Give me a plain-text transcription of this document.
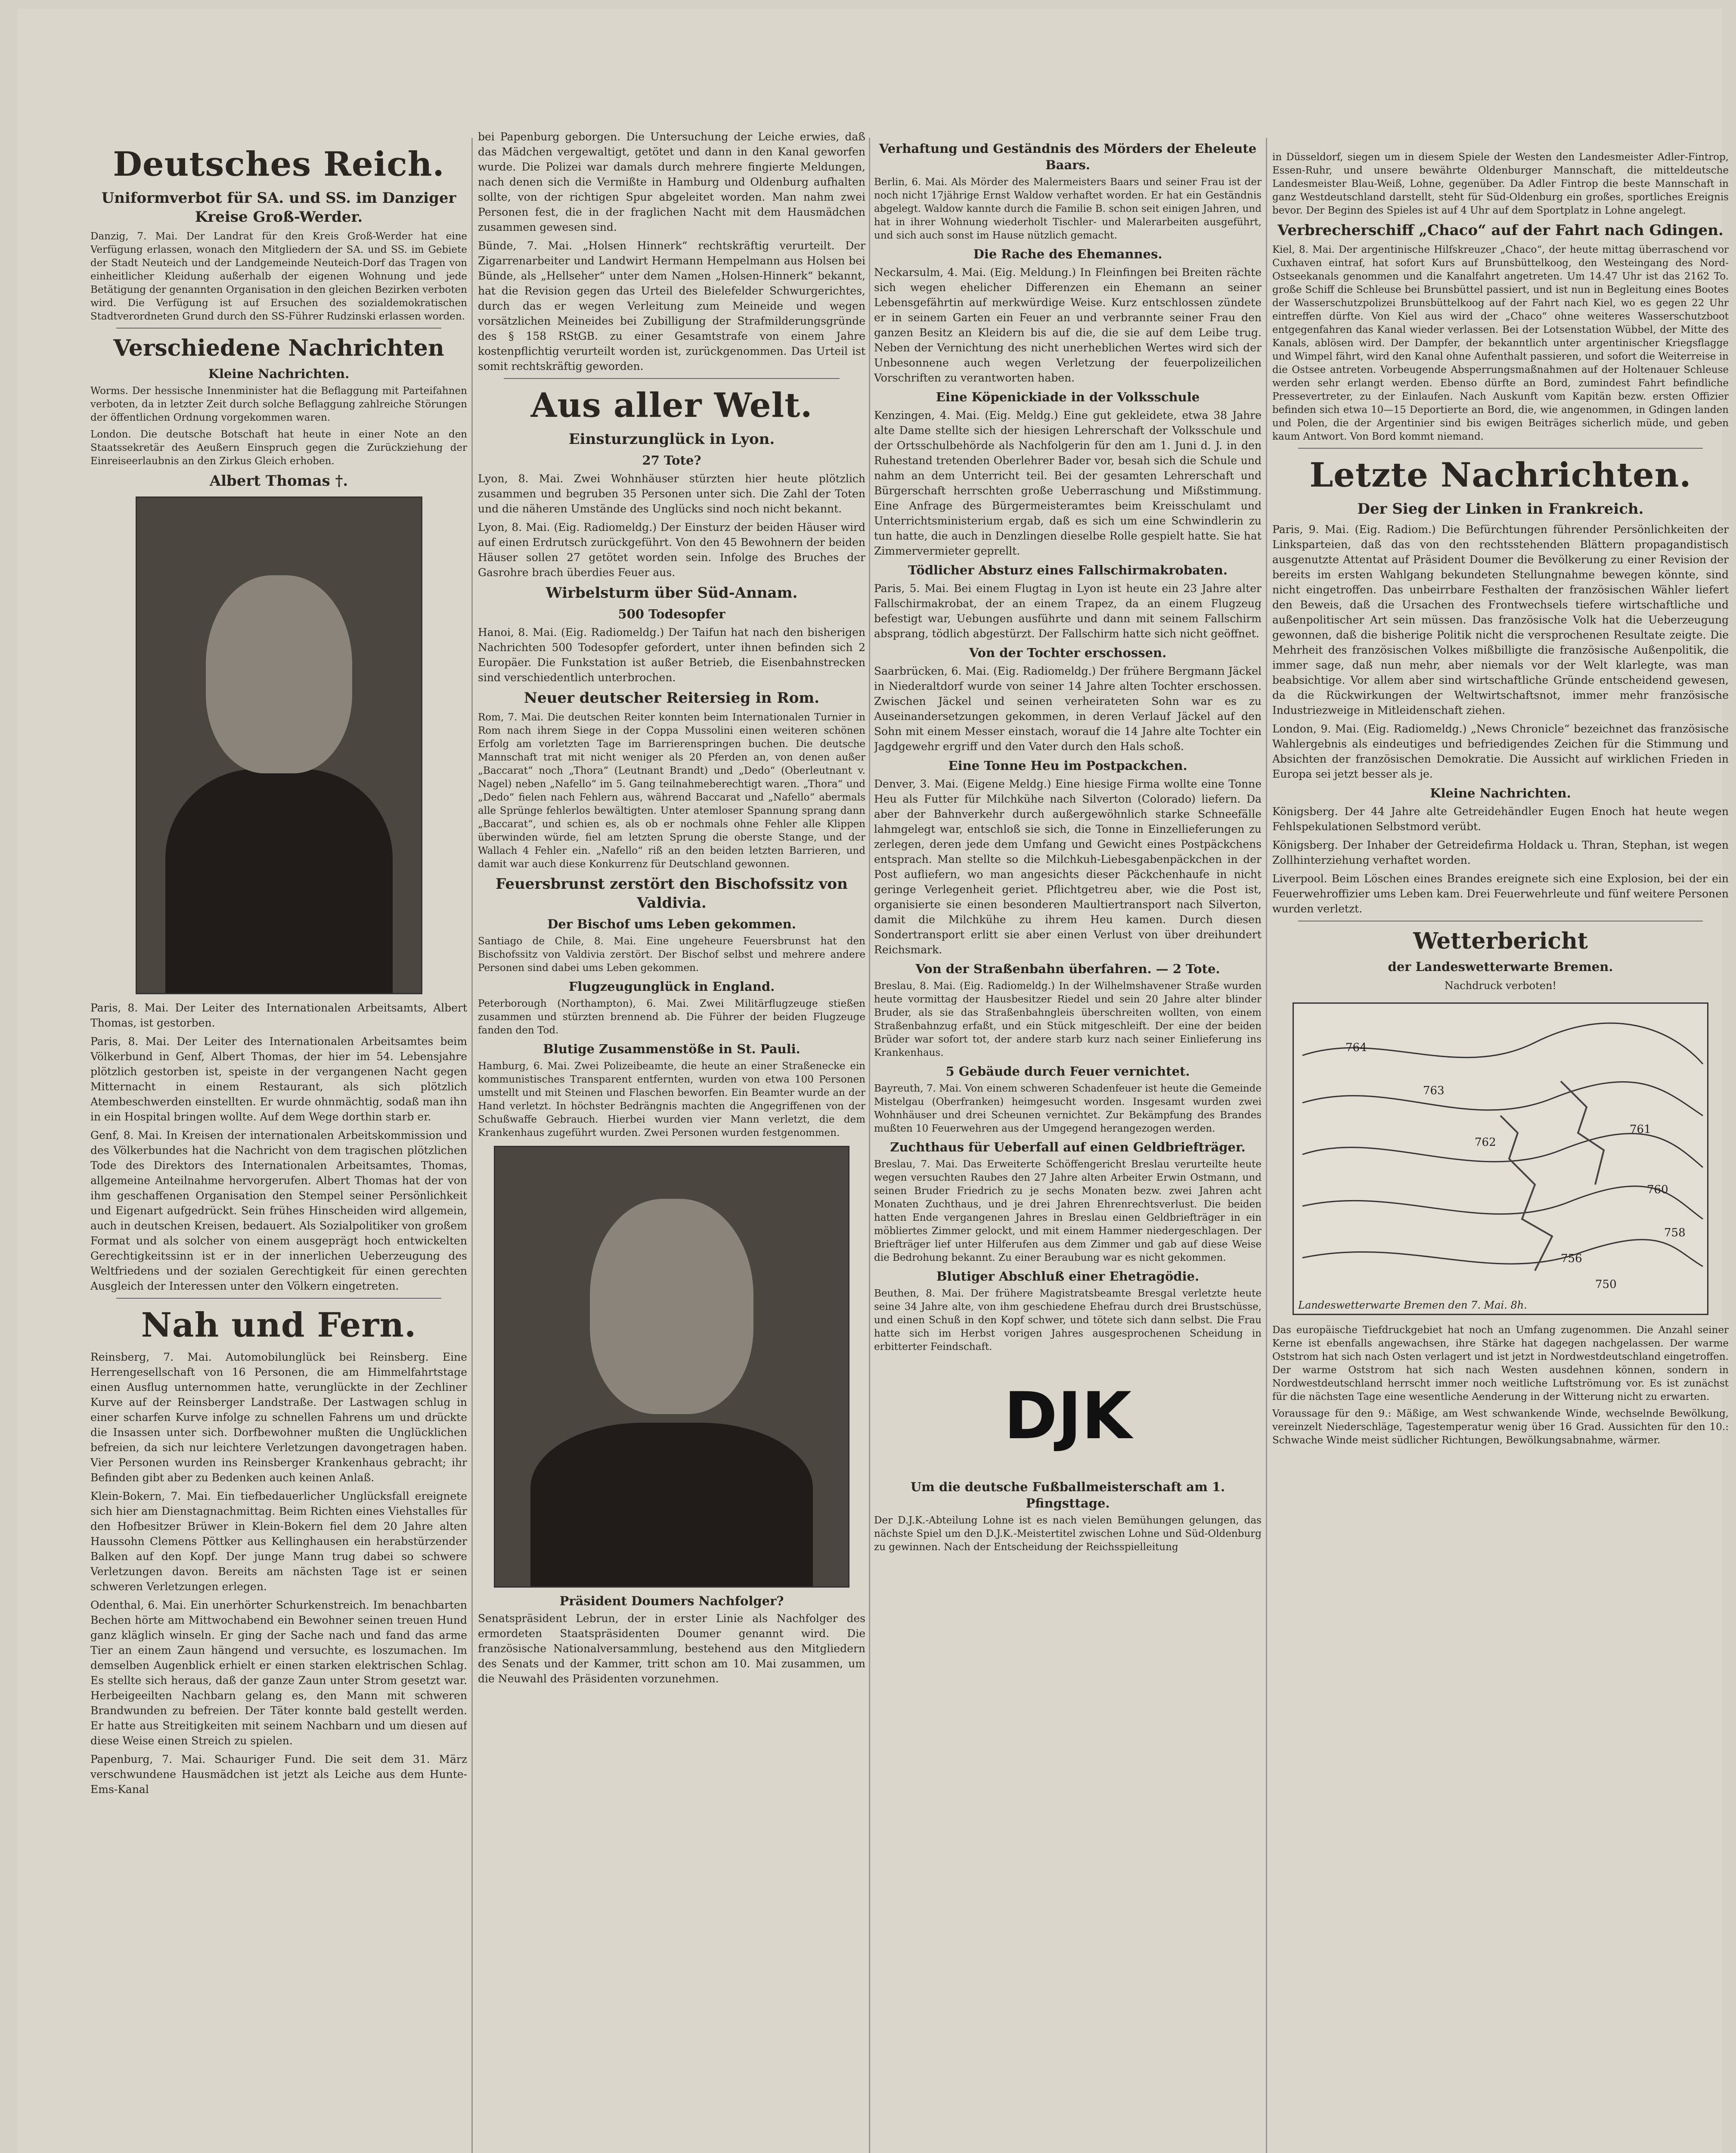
Deutsches Reich.
Uniformverbot für SA. und SS. im Danziger Kreise Groß-Werder.

Danzig, 7. Mai. Der Landrat für den Kreis Groß-Werder hat eine Verfügung erlassen, wonach den Mitgliedern der SA. und SS. im Gebiete der Stadt Neuteich und der Landgemeinde Neuteich-Dorf das Tragen von einheitlicher Kleidung außerhalb der eigenen Wohnung und jede Betätigung der genannten Organisation in den gleichen Bezirken verboten wird. Die Verfügung ist auf Ersuchen des sozialdemokratischen Stadtverordneten Grund durch den SS-Führer Rudzinski erlassen worden.

Verschiedene Nachrichten
Kleine Nachrichten.

Worms. Der hessische Innenminister hat die Beflaggung mit Parteifahnen verboten, da in letzter Zeit durch solche Beflaggung zahlreiche Störungen der öffentlichen Ordnung vorgekommen waren.

London. Die deutsche Botschaft hat heute in einer Note an den Staatssekretär des Aeußern Einspruch gegen die Zurückziehung der Einreiseerlaubnis an den Zirkus Gleich erhoben.

Albert Thomas †.

Paris, 8. Mai. Der Leiter des Internationalen Arbeitsamts, Albert Thomas, ist gestorben.

Paris, 8. Mai. Der Leiter des Internationalen Arbeitsamtes beim Völkerbund in Genf, Albert Thomas, der hier im 54. Lebensjahre plötzlich gestorben ist, speiste in der vergangenen Nacht gegen Mitternacht in einem Restaurant, als sich plötzlich Atembeschwerden einstellten. Er wurde ohnmächtig, sodaß man ihn in ein Hospital bringen wollte. Auf dem Wege dorthin starb er.

Genf, 8. Mai. In Kreisen der internationalen Arbeitskommission und des Völkerbundes hat die Nachricht von dem tragischen plötzlichen Tode des Direktors des Internationalen Arbeitsamtes, Thomas, allgemeine Anteilnahme hervorgerufen. Albert Thomas hat der von ihm geschaffenen Organisation den Stempel seiner Persönlichkeit und Eigenart aufgedrückt. Sein frühes Hinscheiden wird allgemein, auch in deutschen Kreisen, bedauert. Als Sozialpolitiker von großem Format und als solcher von einem ausgeprägt hoch entwickelten Gerechtigkeitssinn ist er in der innerlichen Ueberzeugung des Weltfriedens und der sozialen Gerechtigkeit für einen gerechten Ausgleich der Interessen unter den Völkern eingetreten.

Nah und Fern.

Reinsberg, 7. Mai. Automobilunglück bei Reinsberg. Eine Herrengesellschaft von 16 Personen, die am Himmelfahrtstage einen Ausflug unternommen hatte, verunglückte in der Zechliner Kurve auf der Reinsberger Landstraße. Der Lastwagen schlug in einer scharfen Kurve infolge zu schnellen Fahrens um und drückte die Insassen unter sich. Dorfbewohner mußten die Unglücklichen befreien, da sich nur leichtere Verletzungen davongetragen haben. Vier Personen wurden ins Reinsberger Krankenhaus gebracht; ihr Befinden gibt aber zu Bedenken auch keinen Anlaß.

Klein-Bokern, 7. Mai. Ein tiefbedauerlicher Unglücksfall ereignete sich hier am Dienstagnachmittag. Beim Richten eines Viehstalles für den Hofbesitzer Brüwer in Klein-Bokern fiel dem 20 Jahre alten Haussohn Clemens Pöttker aus Kellinghausen ein herabstürzender Balken auf den Kopf. Der junge Mann trug dabei so schwere Verletzungen davon. Bereits am nächsten Tage ist er seinen schweren Verletzungen erlegen.

Odenthal, 6. Mai. Ein unerhörter Schurkenstreich. Im benachbarten Bechen hörte am Mittwochabend ein Bewohner seinen treuen Hund ganz kläglich winseln. Er ging der Sache nach und fand das arme Tier an einem Zaun hängend und versuchte, es loszumachen. Im demselben Augenblick erhielt er einen starken elektrischen Schlag. Es stellte sich heraus, daß der ganze Zaun unter Strom gesetzt war. Herbeigeeilten Nachbarn gelang es, den Mann mit schweren Brandwunden zu befreien. Der Täter konnte bald gestellt werden. Er hatte aus Streitigkeiten mit seinem Nachbarn und um diesen auf diese Weise einen Streich zu spielen.

Papenburg, 7. Mai. Schauriger Fund. Die seit dem 31. März verschwundene Hausmädchen ist jetzt als Leiche aus dem Hunte-Ems-Kanal

bei Papenburg geborgen. Die Untersuchung der Leiche erwies, daß das Mädchen vergewaltigt, getötet und dann in den Kanal geworfen wurde. Die Polizei war damals durch mehrere fingierte Meldungen, nach denen sich die Vermißte in Hamburg und Oldenburg aufhalten sollte, von der richtigen Spur abgeleitet worden. Man nahm zwei Personen fest, die in der fraglichen Nacht mit dem Hausmädchen zusammen gewesen sind.

Bünde, 7. Mai. „Holsen Hinnerk“ rechtskräftig verurteilt. Der Zigarrenarbeiter und Landwirt Hermann Hempelmann aus Holsen bei Bünde, als „Hellseher“ unter dem Namen „Holsen-Hinnerk“ bekannt, hat die Revision gegen das Urteil des Bielefelder Schwurgerichtes, durch das er wegen Verleitung zum Meineide und wegen vorsätzlichen Meineides bei Zubilligung der Strafmilderungsgründe des § 158 RStGB. zu einer Gesamtstrafe von einem Jahre kostenpflichtig verurteilt worden ist, zurückgenommen. Das Urteil ist somit rechtskräftig geworden.

Aus aller Welt.
Einsturzunglück in Lyon.
27 Tote?

Lyon, 8. Mai. Zwei Wohnhäuser stürzten hier heute plötzlich zusammen und begruben 35 Personen unter sich. Die Zahl der Toten und die näheren Umstände des Unglücks sind noch nicht bekannt.

Lyon, 8. Mai. (Eig. Radiomeldg.) Der Einsturz der beiden Häuser wird auf einen Erdrutsch zurückgeführt. Von den 45 Bewohnern der beiden Häuser sollen 27 getötet worden sein. Infolge des Bruches der Gasrohre brach überdies Feuer aus.

Wirbelsturm über Süd-Annam.
500 Todesopfer

Hanoi, 8. Mai. (Eig. Radiomeldg.) Der Taifun hat nach den bisherigen Nachrichten 500 Todesopfer gefordert, unter ihnen befinden sich 2 Europäer. Die Funkstation ist außer Betrieb, die Eisenbahnstrecken sind verschiedentlich unterbrochen.

Neuer deutscher Reitersieg in Rom.

Rom, 7. Mai. Die deutschen Reiter konnten beim Internationalen Turnier in Rom nach ihrem Siege in der Coppa Mussolini einen weiteren schönen Erfolg am vorletzten Tage im Barrierenspringen buchen. Die deutsche Mannschaft trat mit nicht weniger als 20 Pferden an, von denen außer „Baccarat“ noch „Thora“ (Leutnant Brandt) und „Dedo“ (Oberleutnant v. Nagel) neben „Nafello“ im 5. Gang teilnahmeberechtigt waren. „Thora“ und „Dedo“ fielen nach Fehlern aus, während Baccarat und „Nafello“ abermals alle Sprünge fehlerlos bewältigten. Unter atemloser Spannung sprang dann „Baccarat“, und schien es, als ob er nochmals ohne Fehler alle Klippen überwinden würde, fiel am letzten Sprung die oberste Stange, und der Wallach 4 Fehler ein. „Nafello“ riß an den beiden letzten Barrieren, und damit war auch diese Konkurrenz für Deutschland gewonnen.

Feuersbrunst zerstört den Bischofssitz von Valdivia.
Der Bischof ums Leben gekommen.

Santiago de Chile, 8. Mai. Eine ungeheure Feuersbrunst hat den Bischofssitz von Valdivia zerstört. Der Bischof selbst und mehrere andere Personen sind dabei ums Leben gekommen.

Flugzeugunglück in England.

Peterborough (Northampton), 6. Mai. Zwei Militärflugzeuge stießen zusammen und stürzten brennend ab. Die Führer der beiden Flugzeuge fanden den Tod.

Blutige Zusammenstöße in St. Pauli.

Hamburg, 6. Mai. Zwei Polizeibeamte, die heute an einer Straßenecke ein kommunistisches Transparent entfernten, wurden von etwa 100 Personen umstellt und mit Steinen und Flaschen beworfen. Ein Beamter wurde an der Hand verletzt. In höchster Bedrängnis machten die Angegriffenen von der Schußwaffe Gebrauch. Hierbei wurden vier Mann verletzt, die dem Krankenhaus zugeführt wurden. Zwei Personen wurden festgenommen.

Präsident Doumers Nachfolger?

Senatspräsident Lebrun, der in erster Linie als Nachfolger des ermordeten Staatspräsidenten Doumer genannt wird. Die französische Nationalversammlung, bestehend aus den Mitgliedern des Senats und der Kammer, tritt schon am 10. Mai zusammen, um die Neuwahl des Präsidenten vorzunehmen.

Verhaftung und Geständnis des Mörders der Eheleute Baars.

Berlin, 6. Mai. Als Mörder des Malermeisters Baars und seiner Frau ist der noch nicht 17jährige Ernst Waldow verhaftet worden. Er hat ein Geständnis abgelegt. Waldow kannte durch die Familie B. schon seit einigen Jahren, und hat in ihrer Wohnung wiederholt Tischler- und Malerarbeiten ausgeführt, und sich auch sonst im Hause nützlich gemacht.

Die Rache des Ehemannes.

Neckarsulm, 4. Mai. (Eig. Meldung.) In Fleinfingen bei Breiten rächte sich wegen ehelicher Differenzen ein Ehemann an seiner Lebensgefährtin auf merkwürdige Weise. Kurz entschlossen zündete er in seinem Garten ein Feuer an und verbrannte seiner Frau den ganzen Besitz an Kleidern bis auf die, die sie auf dem Leibe trug. Neben der Vernichtung des nicht unerheblichen Wertes wird sich der Unbesonnene auch wegen Verletzung der feuerpolizeilichen Vorschriften zu verantworten haben.

Eine Köpenickiade in der Volksschule

Kenzingen, 4. Mai. (Eig. Meldg.) Eine gut gekleidete, etwa 38 Jahre alte Dame stellte sich der hiesigen Lehrerschaft der Volksschule und der Ortsschulbehörde als Nachfolgerin für den am 1. Juni d. J. in den Ruhestand tretenden Oberlehrer Bader vor, besah sich die Schule und nahm an dem Unterricht teil. Bei der gesamten Lehrerschaft und Bürgerschaft herrschten große Ueberraschung und Mißstimmung. Eine Anfrage des Bürgermeisteramtes beim Kreisschulamt und Unterrichtsministerium ergab, daß es sich um eine Schwindlerin zu tun hatte, die auch in Denzlingen dieselbe Rolle gespielt hatte. Sie hat Zimmervermieter geprellt.

Tödlicher Absturz eines Fallschirmakrobaten.

Paris, 5. Mai. Bei einem Flugtag in Lyon ist heute ein 23 Jahre alter Fallschirmakrobat, der an einem Trapez, da an einem Flugzeug befestigt war, Uebungen ausführte und dann mit seinem Fallschirm absprang, tödlich abgestürzt. Der Fallschirm hatte sich nicht geöffnet.

Von der Tochter erschossen.

Saarbrücken, 6. Mai. (Eig. Radiomeldg.) Der frühere Bergmann Jäckel in Niederaltdorf wurde von seiner 14 Jahre alten Tochter erschossen. Zwischen Jäckel und seinen verheirateten Sohn war es zu Auseinandersetzungen gekommen, in deren Verlauf Jäckel auf den Sohn mit einem Messer einstach, worauf die 14 Jahre alte Tochter ein Jagdgewehr ergriff und den Vater durch den Hals schoß.

Eine Tonne Heu im Postpackchen.

Denver, 3. Mai. (Eigene Meldg.) Eine hiesige Firma wollte eine Tonne Heu als Futter für Milchkühe nach Silverton (Colorado) liefern. Da aber der Bahnverkehr durch außergewöhnlich starke Schneefälle lahmgelegt war, entschloß sie sich, die Tonne in Einzellieferungen zu zerlegen, deren jede dem Umfang und Gewicht eines Postpäckchens entsprach. Man stellte so die Milchkuh-Liebesgabenpäckchen in der Post aufliefern, wo man angesichts dieser Päckchenhaufe in nicht geringe Verlegenheit geriet. Pflichtgetreu aber, wie die Post ist, organisierte sie einen besonderen Maultiertransport nach Silverton, damit die Milchkühe zu ihrem Heu kamen. Durch diesen Sondertransport erlitt sie aber einen Verlust von über dreihundert Reichsmark.

Von der Straßenbahn überfahren. — 2 Tote.

Breslau, 8. Mai. (Eig. Radiomeldg.) In der Wilhelmshavener Straße wurden heute vormittag der Hausbesitzer Riedel und sein 20 Jahre alter blinder Bruder, als sie das Straßenbahngleis überschreiten wollten, von einem Straßenbahnzug erfaßt, und ein Stück mitgeschleift. Der eine der beiden Brüder war sofort tot, der andere starb kurz nach seiner Einlieferung ins Krankenhaus.

5 Gebäude durch Feuer vernichtet.

Bayreuth, 7. Mai. Von einem schweren Schadenfeuer ist heute die Gemeinde Mistelgau (Oberfranken) heimgesucht worden. Insgesamt wurden zwei Wohnhäuser und drei Scheunen vernichtet. Zur Bekämpfung des Brandes mußten 10 Feuerwehren aus der Umgegend herangezogen werden.

Zuchthaus für Ueberfall auf einen Geldbriefträger.

Breslau, 7. Mai. Das Erweiterte Schöffengericht Breslau verurteilte heute wegen versuchten Raubes den 27 Jahre alten Arbeiter Erwin Ostmann, und seinen Bruder Friedrich zu je sechs Monaten bezw. zwei Jahren acht Monaten Zuchthaus, und je drei Jahren Ehrenrechtsverlust. Die beiden hatten Ende vergangenen Jahres in Breslau einen Geldbriefträger in ein möbliertes Zimmer gelockt, und mit einem Hammer niedergeschlagen. Der Briefträger lief unter Hilferufen aus dem Zimmer und gab auf diese Weise die Bedrohung bekannt. Zu einer Beraubung war es nicht gekommen.

Blutiger Abschluß einer Ehetragödie.

Beuthen, 8. Mai. Der frühere Magistratsbeamte Bresgal verletzte heute seine 34 Jahre alte, von ihm geschiedene Ehefrau durch drei Brustschüsse, und einen Schuß in den Kopf schwer, und tötete sich dann selbst. Die Frau hatte sich im Herbst vorigen Jahres ausgesprochenen Scheidung in erbitterter Feindschaft.

DJK
Um die deutsche Fußballmeisterschaft am 1. Pfingsttage.

Der D.J.K.-Abteilung Lohne ist es nach vielen Bemühungen gelungen, das nächste Spiel um den D.J.K.-Meistertitel zwischen Lohne und Süd-Oldenburg zu gewinnen. Nach der Entscheidung der Reichsspielleitung

in Düsseldorf, siegen um in diesem Spiele der Westen den Landesmeister Adler-Fintrop, Essen-Ruhr, und unsere bewährte Oldenburger Mannschaft, die mitteldeutsche Landesmeister Blau-Weiß, Lohne, gegenüber. Da Adler Fintrop die beste Mannschaft in ganz Westdeutschland darstellt, steht für Süd-Oldenburg ein großes, sportliches Ereignis bevor. Der Beginn des Spieles ist auf 4 Uhr auf dem Sportplatz in Lohne angelegt.

Verbrecherschiff „Chaco“ auf der Fahrt nach Gdingen.

Kiel, 8. Mai. Der argentinische Hilfskreuzer „Chaco“, der heute mittag überraschend vor Cuxhaven eintraf, hat sofort Kurs auf Brunsbüttelkoog, den Westeingang des Nord-Ostseekanals genommen und die Kanalfahrt angetreten. Um 14.47 Uhr ist das 2162 To. große Schiff die Schleuse bei Brunsbüttel passiert, und ist nun in Begleitung eines Bootes der Wasserschutzpolizei Brunsbüttelkoog auf der Fahrt nach Kiel, wo es gegen 22 Uhr eintreffen dürfte. Von Kiel aus wird der „Chaco“ ohne weiteres Wasserschutzboot entgegenfahren das Kanal wieder verlassen. Bei der Lotsenstation Wübbel, der Mitte des Kanals, ablösen wird. Der Dampfer, der bekanntlich unter argentinischer Kriegsflagge und Wimpel fährt, wird den Kanal ohne Aufenthalt passieren, und sofort die Weiterreise in die Ostsee antreten. Vorbeugende Absperrungsmaßnahmen auf der Holtenauer Schleuse werden sehr erlangt werden. Ebenso dürfte an Bord, zumindest Fahrt befindliche Pressevertreter, zu der Einlaufen. Nach Auskunft vom Kapitän bezw. ersten Offizier befinden sich etwa 10—15 Deportierte an Bord, die, wie angenommen, in Gdingen landen und Polen, die der Argentinier sind bis ewigen Beiträges sicherlich müde, und geben kaum Antwort. Von Bord kommt niemand.

Letzte Nachrichten.
Der Sieg der Linken in Frankreich.

Paris, 9. Mai. (Eig. Radiom.) Die Befürchtungen führender Persönlichkeiten der Linksparteien, daß das von den rechtsstehenden Blättern propagandistisch ausgenutzte Attentat auf Präsident Doumer die Bevölkerung zu einer Revision der bereits im ersten Wahlgang bekundeten Stellungnahme bewegen könnte, sind nicht eingetroffen. Das unbeirrbare Festhalten der französischen Wähler liefert den Beweis, daß die Ursachen des Frontwechsels tiefere wirtschaftliche und außenpolitischer Art sein müssen. Das französische Volk hat die Ueberzeugung gewonnen, daß die bisherige Politik nicht die versprochenen Resultate zeigte. Die Mehrheit des französischen Volkes mißbilligte die französische Außenpolitik, die immer sage, daß nun mehr, aber niemals vor der Welt klarlegte, was man beabsichtige. Vor allem aber sind wirtschaftliche Gründe entscheidend gewesen, da die Rückwirkungen der Weltwirtschaftsnot, immer mehr französische Industriezweige in Mitleidenschaft ziehen.

London, 9. Mai. (Eig. Radiomeldg.) „News Chronicle“ bezeichnet das französische Wahlergebnis als eindeutiges und befriedigendes Zeichen für die Stimmung und Absichten der französischen Demokratie. Die Aussicht auf wirklichen Frieden in Europa sei jetzt besser als je.

Kleine Nachrichten.

Königsberg. Der 44 Jahre alte Getreidehändler Eugen Enoch hat heute wegen Fehlspekulationen Selbstmord verübt.

Königsberg. Der Inhaber der Getreidefirma Holdack u. Thran, Stephan, ist wegen Zollhinterziehung verhaftet worden.

Liverpool. Beim Löschen eines Brandes ereignete sich eine Explosion, bei der ein Feuerwehroffizier ums Leben kam. Drei Feuerwehrleute und fünf weitere Personen wurden verletzt.

Wetterbericht
der Landeswetterwarte Bremen.
Nachdruck verboten!
764
763
762
761
760
758
756
750
Landeswetterwarte Bremen den 7. Mai. 8h.

Das europäische Tiefdruckgebiet hat noch an Umfang zugenommen. Die Anzahl seiner Kerne ist ebenfalls angewachsen, ihre Stärke hat dagegen nachgelassen. Der warme Oststrom hat sich nach Osten verlagert und ist jetzt in Nordwestdeutschland eingetroffen. Der warme Oststrom hat sich nach Westen ausdehnen können, sondern in Nordwestdeutschland herrscht immer noch weitliche Luftströmung vor. Es ist zunächst für die nächsten Tage eine wesentliche Aenderung in der Witterung nicht zu erwarten.

Voraussage für den 9.: Mäßige, am West schwankende Winde, wechselnde Bewölkung, vereinzelt Niederschläge, Tagestemperatur wenig über 16 Grad. Aussichten für den 10.: Schwache Winde meist südlicher Richtungen, Bewölkungsabnahme, wärmer.
